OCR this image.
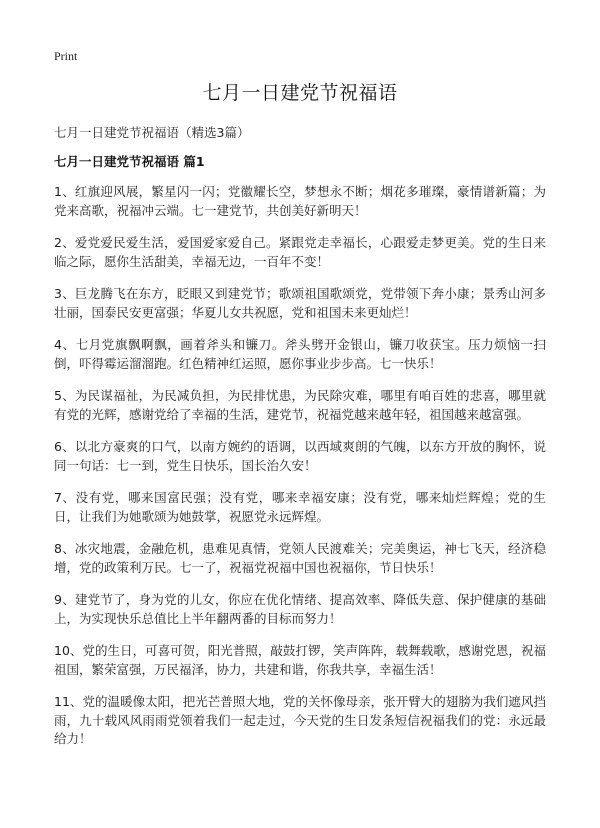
Print
七月一日建党节祝福语
七月一日建党节祝福语（精选3篇）
七月一日建党节祝福语 篇1
1、红旗迎风展，繁星闪一闪；党徽耀长空，梦想永不断；烟花多璀璨，豪情谱新篇；为党来高歌，祝福冲云端。七一建党节，共创美好新明天！
2、爱党爱民爱生活，爱国爱家爱自己。紧跟党走幸福长，心跟爱走梦更美。党的生日来临之际，愿你生活甜美，幸福无边，一百年不变！
3、巨龙腾飞在东方，眨眼又到建党节；歌颂祖国歌颂党，党带领下奔小康；景秀山河多壮丽，国泰民安更富强；华夏儿女共祝愿，党和祖国未来更灿烂！
4、七月党旗飘啊飘，画着斧头和镰刀。斧头劈开金银山，镰刀收获宝。压力烦恼一扫倒，吓得霉运溜溜跑。红色精神红运照，愿你事业步步高。七一快乐！
5、为民谋福祉，为民减负担，为民排忧患，为民除灾难，哪里有咱百姓的悲喜，哪里就有党的光辉，感谢党给了幸福的生活，建党节，祝福党越来越年轻，祖国越来越富强。
6、以北方豪爽的口气，以南方婉约的语调，以西域爽朗的气魄，以东方开放的胸怀，说同一句话：七一到，党生日快乐，国长治久安！
7、没有党，哪来国富民强；没有党，哪来幸福安康；没有党，哪来灿烂辉煌；党的生日，让我们为她歌颂为她鼓掌，祝愿党永远辉煌。
8、冰灾地震，金融危机，患难见真情，党领人民渡难关；完美奥运，神七飞天，经济稳增，党的政策利万民。七一了，祝福党祝福中国也祝福你，节日快乐！
9、建党节了，身为党的儿女，你应在优化情绪、提高效率、降低失意、保护健康的基础上，为实现快乐总值比上半年翻两番的目标而努力！
10、党的生日，可喜可贺，阳光普照，敲鼓打锣，笑声阵阵，载舞载歌，感谢党恩，祝福祖国，繁荣富强，万民福泽，协力，共建和谐，你我共享，幸福生活！
11、党的温暖像太阳，把光芒普照大地，党的关怀像母亲，张开臂大的翅膀为我们遮风挡雨，九十载风风雨雨党领着我们一起走过，今天党的生日发条短信祝福我们的党：永远最给力！
